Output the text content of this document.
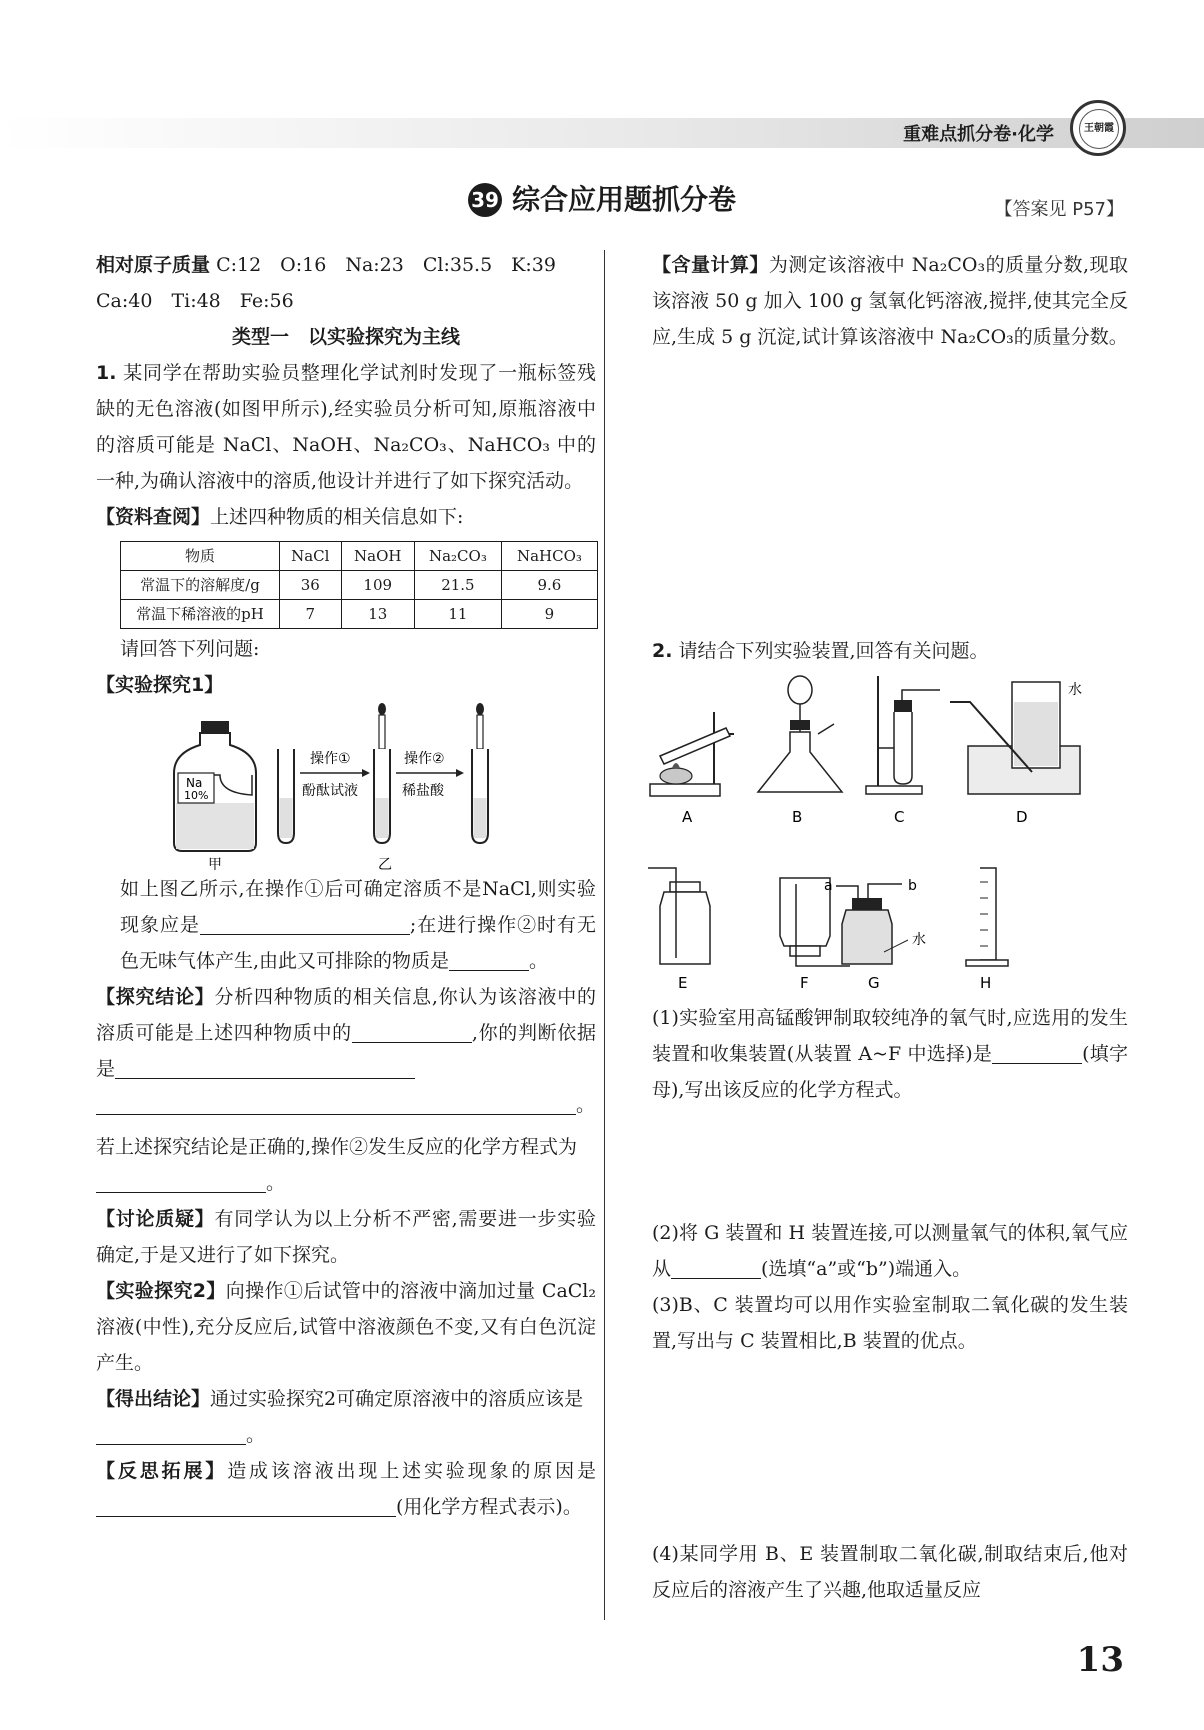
重难点抓分卷·化学	王朝霞
39 综合应用题抓分卷	【答案见 P57】

相对原子质量 C:12　O:16　Na:23　Cl:35.5　K:39

Ca:40　Ti:48　Fe:56

类型一　以实验探究为主线

1. 某同学在帮助实验员整理化学试剂时发现了一瓶标签残缺的无色溶液(如图甲所示),经实验员分析可知,原瓶溶液中的溶质可能是 NaCl、NaOH、Na₂CO₃、NaHCO₃ 中的一种,为确认溶液中的溶质,他设计并进行了如下探究活动。

【资料查阅】上述四种物质的相关信息如下:

物质	NaCl	NaOH	Na₂CO₃	NaHCO₃
常温下的溶解度/g	36	109	21.5	9.6
常温下稀溶液的pH	7	13	11	9

请回答下列问题:

【实验探究1】

Na
10%
甲
操作①
酚酞试液
操作②
稀盐酸
乙

如上图乙所示,在操作①后可确定溶质不是NaCl,则实验现象应是	;在进行操作②时有无色无味气体产生,由此又可排除的物质是	。

【探究结论】分析四种物质的相关信息,你认为该溶液中的溶质可能是上述四种物质中的	,你的判断依据是

。

若上述探究结论是正确的,操作②发生反应的化学方程式为。

【讨论质疑】有同学认为以上分析不严密,需要进一步实验确定,于是又进行了如下探究。

【实验探究2】向操作①后试管中的溶液中滴加过量 CaCl₂溶液(中性),充分反应后,试管中溶液颜色不变,又有白色沉淀产生。

【得出结论】通过实验探究2可确定原溶液中的溶质应该是。

【反思拓展】造成该溶液出现上述实验现象的原因是(用化学方程式表示)。

【含量计算】为测定该溶液中 Na₂CO₃的质量分数,现取该溶液 50 g 加入 100 g 氢氧化钙溶液,搅拌,使其完全反应,生成 5 g 沉淀,试计算该溶液中 Na₂CO₃的质量分数。

2. 请结合下列实验装置,回答有关问题。

A	B	C
水
D
E	F
a	b
水
G	H

(1)实验室用高锰酸钾制取较纯净的氧气时,应选用的发生装置和收集装置(从装置 A~F 中选择)是	(填字母),写出该反应的化学方程式。

(2)将 G 装置和 H 装置连接,可以测量氧气的体积,氧气应从	(选填“a”或“b”)端通入。

(3)B、C 装置均可以用作实验室制取二氧化碳的发生装置,写出与 C 装置相比,B 装置的优点。

(4)某同学用 B、E 装置制取二氧化碳,制取结束后,他对反应后的溶液产生了兴趣,他取适量反应

13
